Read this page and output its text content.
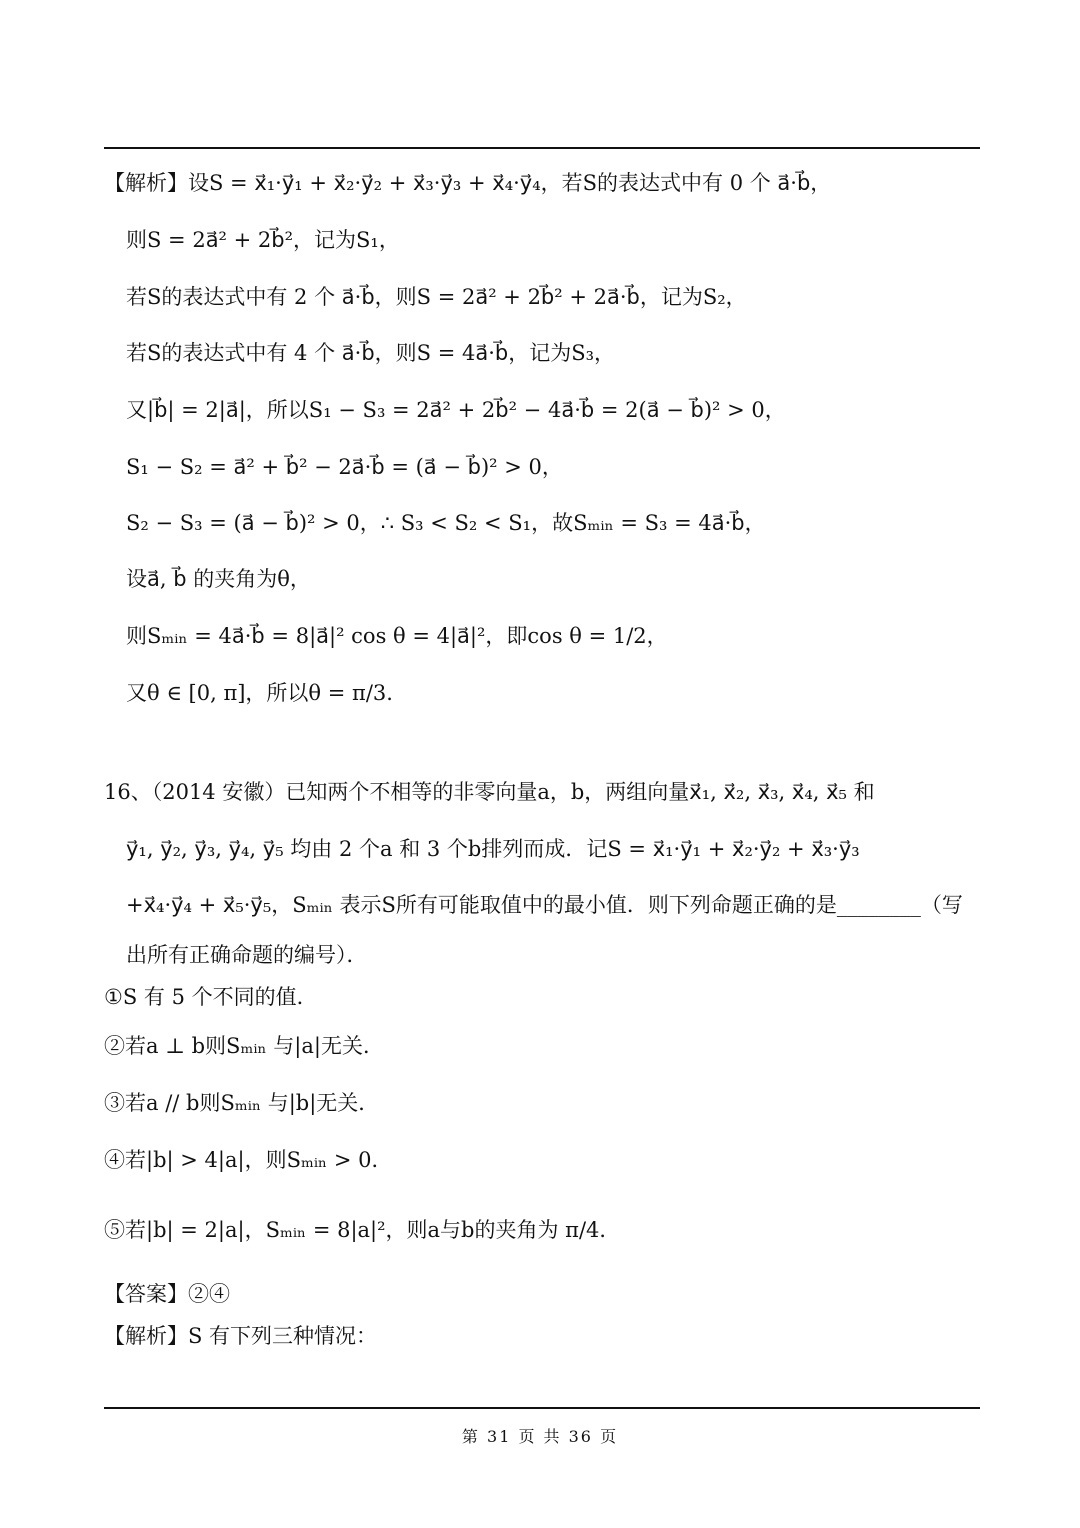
【解析】设S = x⃗₁·y⃗₁ + x⃗₂·y⃗₂ + x⃗₃·y⃗₃ + x⃗₄·y⃗₄，若S的表达式中有 0 个 a⃗·b⃗，
则S = 2a⃗² + 2b⃗²，记为S₁，
若S的表达式中有 2 个 a⃗·b⃗，则S = 2a⃗² + 2b⃗² + 2a⃗·b⃗，记为S₂，
若S的表达式中有 4 个 a⃗·b⃗，则S = 4a⃗·b⃗，记为S₃，
又|b⃗| = 2|a⃗|，所以S₁ − S₃ = 2a⃗² + 2b⃗² − 4a⃗·b⃗ = 2(a⃗ − b⃗)² > 0，
S₁ − S₂ = a⃗² + b⃗² − 2a⃗·b⃗ = (a⃗ − b⃗)² > 0，
S₂ − S₃ = (a⃗ − b⃗)² > 0，∴ S₃ < S₂ < S₁，故Sₘᵢₙ = S₃ = 4a⃗·b⃗，
设a⃗, b⃗ 的夹角为θ，
则Sₘᵢₙ = 4a⃗·b⃗ = 8|a⃗|² cos θ = 4|a⃗|²，即cos θ = 1/2，
又θ ∈ [0, π]，所以θ = π/3.
16、（2014 安徽）已知两个不相等的非零向量a，b，两组向量x⃗₁, x⃗₂, x⃗₃, x⃗₄, x⃗₅ 和
y⃗₁, y⃗₂, y⃗₃, y⃗₄, y⃗₅ 均由 2 个a 和 3 个b排列而成．记S = x⃗₁·y⃗₁ + x⃗₂·y⃗₂ + x⃗₃·y⃗₃
+x⃗₄·y⃗₄ + x⃗₅·y⃗₅，Sₘᵢₙ 表示S所有可能取值中的最小值．则下列命题正确的是________（写
出所有正确命题的编号）．
①S 有 5 个不同的值．
②若a ⊥ b则Sₘᵢₙ 与|a|无关．
③若a // b则Sₘᵢₙ 与|b|无关．
④若|b| > 4|a|，则Sₘᵢₙ > 0．
⑤若|b| = 2|a|，Sₘᵢₙ = 8|a|²，则a与b的夹角为 π/4．
【答案】②④
【解析】S 有下列三种情况：
第 31 页 共 36 页
